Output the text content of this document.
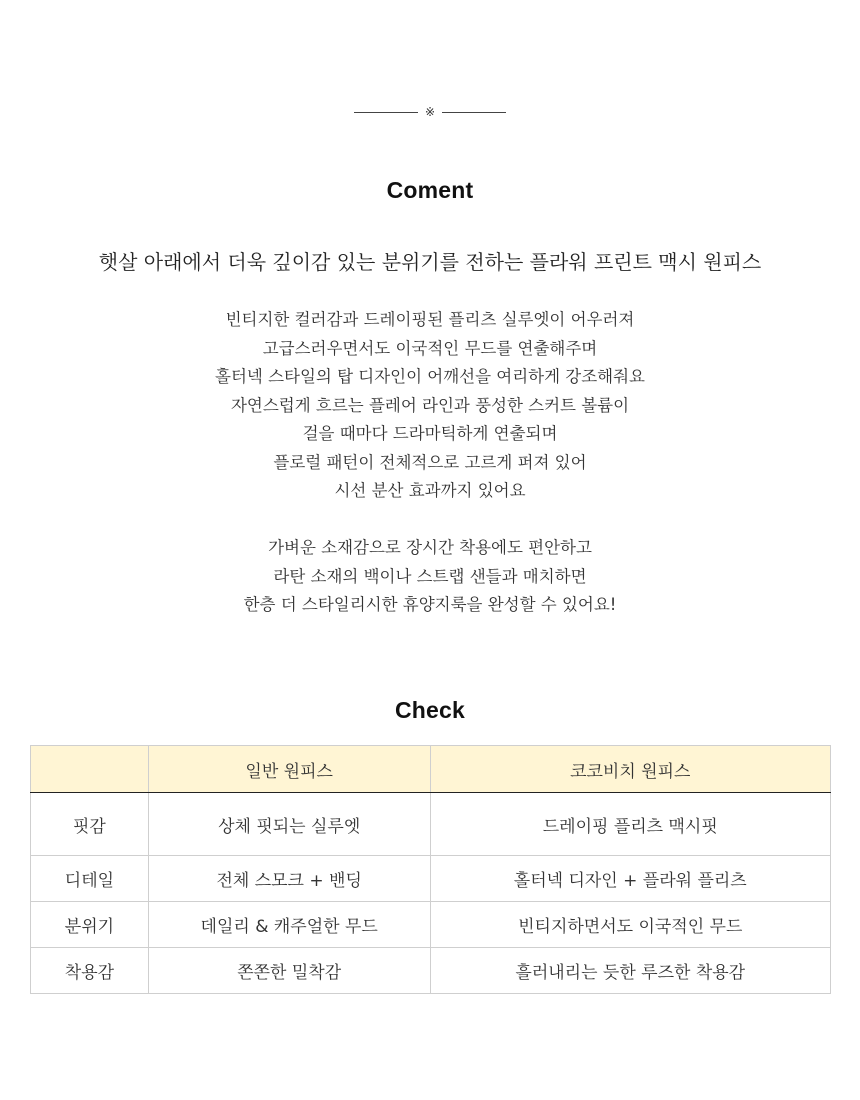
※
Coment
햇살 아래에서 더욱 깊이감 있는 분위기를 전하는 플라워 프린트 맥시 원피스
빈티지한 컬러감과 드레이핑된 플리츠 실루엣이 어우러져
고급스러우면서도 이국적인 무드를 연출해주며
홀터넥 스타일의 탑 디자인이 어깨선을 여리하게 강조해줘요
자연스럽게 흐르는 플레어 라인과 풍성한 스커트 볼륨이
걸을 때마다 드라마틱하게 연출되며
플로럴 패턴이 전체적으로 고르게 퍼져 있어
시선 분산 효과까지 있어요
가벼운 소재감으로 장시간 착용에도 편안하고
라탄 소재의 백이나 스트랩 샌들과 매치하면
한층 더 스타일리시한 휴양지룩을 완성할 수 있어요!
Check
	일반 원피스	코코비치 원피스
핏감	상체 핏되는 실루엣	드레이핑 플리츠 맥시핏
디테일	전체 스모크 + 밴딩	홀터넥 디자인 + 플라워 플리츠
분위기	데일리 & 캐주얼한 무드	빈티지하면서도 이국적인 무드
착용감	쫀쫀한 밀착감	흘러내리는 듯한 루즈한 착용감
